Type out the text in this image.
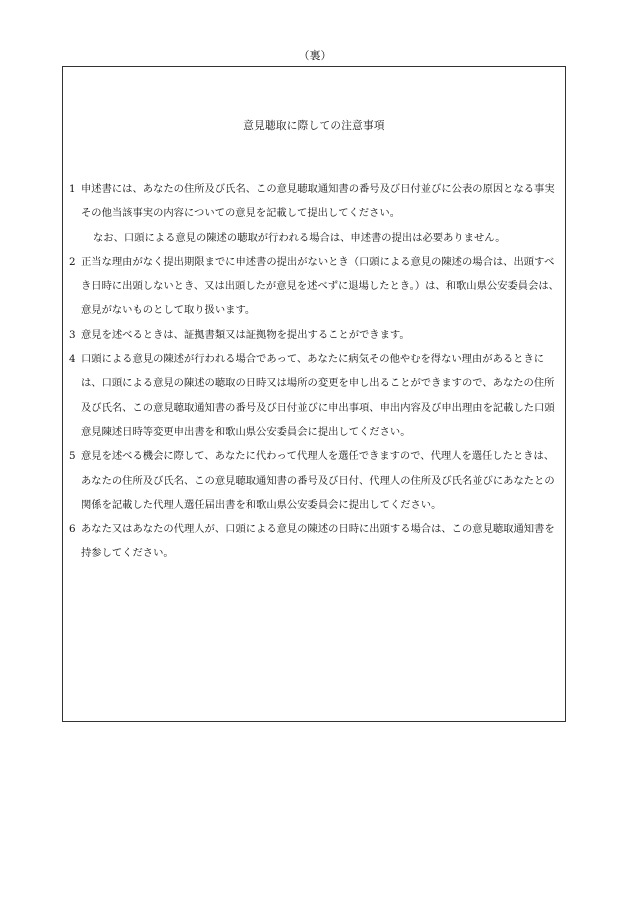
（裏）
意見聴取に際しての注意事項
1 申述書には、あなたの住所及び氏名、この意見聴取通知書の番号及び日付並びに公表の原因となる事実その他当該事実の内容についての意見を記載して提出してください。
なお、口頭による意見の陳述の聴取が行われる場合は、申述書の提出は必要ありません。
2 正当な理由がなく提出期限までに申述書の提出がないとき（口頭による意見の陳述の場合は、出頭すべき日時に出頭しないとき、又は出頭したが意見を述べずに退場したとき。）は、和歌山県公安委員会は、意見がないものとして取り扱います。
3 意見を述べるときは、証拠書類又は証拠物を提出することができます。
4 口頭による意見の陳述が行われる場合であって、あなたに病気その他やむを得ない理由があるときには、口頭による意見の陳述の聴取の日時又は場所の変更を申し出ることができますので、あなたの住所及び氏名、この意見聴取通知書の番号及び日付並びに申出事項、申出内容及び申出理由を記載した口頭意見陳述日時等変更申出書を和歌山県公安委員会に提出してください。
5 意見を述べる機会に際して、あなたに代わって代理人を選任できますので、代理人を選任したときは、あなたの住所及び氏名、この意見聴取通知書の番号及び日付、代理人の住所及び氏名並びにあなたとの関係を記載した代理人選任届出書を和歌山県公安委員会に提出してください。
6 あなた又はあなたの代理人が、口頭による意見の陳述の日時に出頭する場合は、この意見聴取通知書を持参してください。
